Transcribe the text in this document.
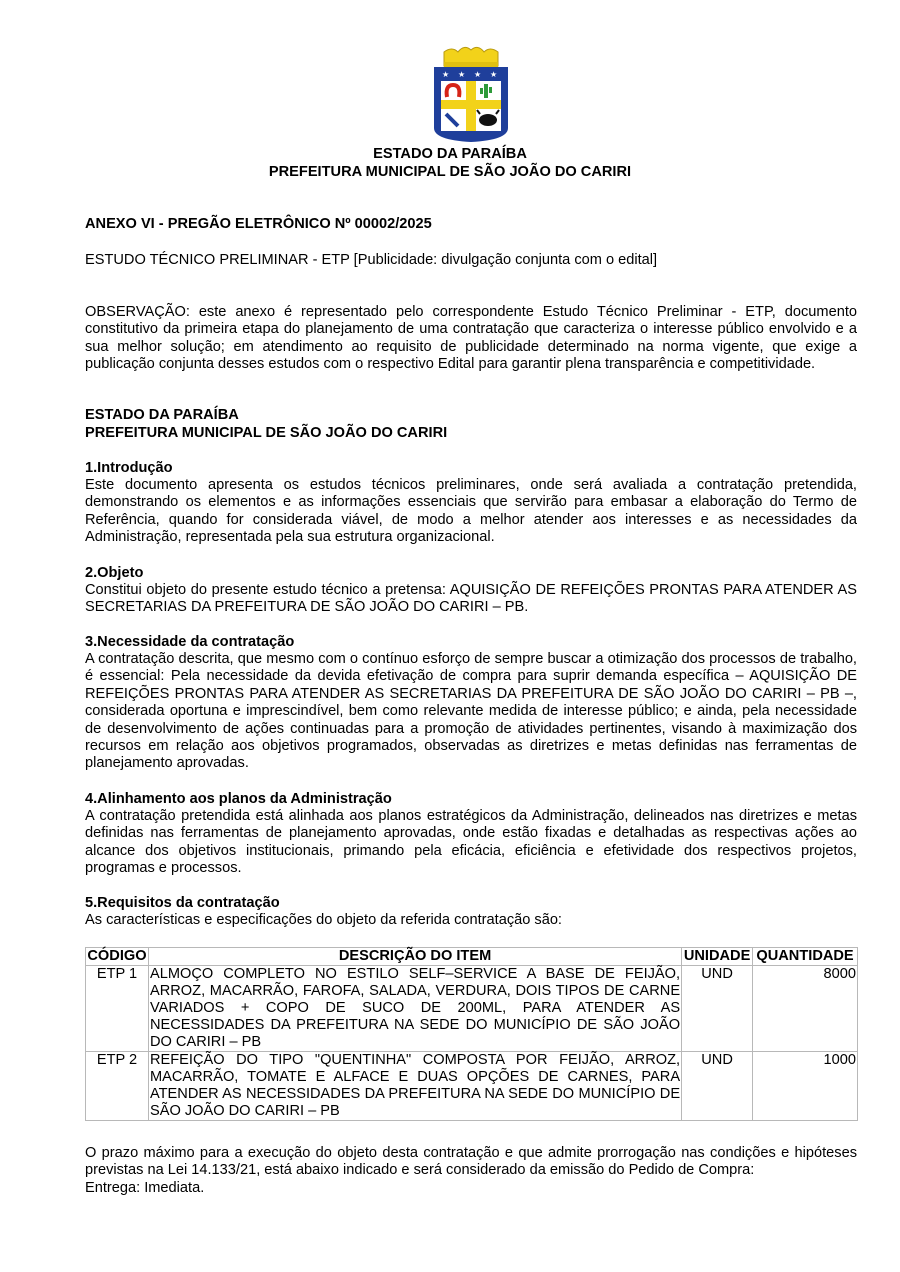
★ ★ ★ ★
ESTADO DA PARAÍBA
PREFEITURA MUNICIPAL DE SÃO JOÃO DO CARIRI
ANEXO VI - PREGÃO ELETRÔNICO Nº 00002/2025
ESTUDO TÉCNICO PRELIMINAR - ETP [Publicidade: divulgação conjunta com o edital]
OBSERVAÇÃO: este anexo é representado pelo correspondente Estudo Técnico Preliminar - ETP, documento constitutivo da primeira etapa do planejamento de uma contratação que caracteriza o interesse público envolvido e a sua melhor solução; em atendimento ao requisito de publicidade determinado na norma vigente, que exige a publicação conjunta desses estudos com o respectivo Edital para garantir plena transparência e competitividade.
ESTADO DA PARAÍBA
PREFEITURA MUNICIPAL DE SÃO JOÃO DO CARIRI
1.Introdução
Este documento apresenta os estudos técnicos preliminares, onde será avaliada a contratação pretendida, demonstrando os elementos e as informações essenciais que servirão para embasar a elaboração do Termo de Referência, quando for considerada viável, de modo a melhor atender aos interesses e as necessidades da Administração, representada pela sua estrutura organizacional.
2.Objeto
Constitui objeto do presente estudo técnico a pretensa: AQUISIÇÃO DE REFEIÇÕES PRONTAS PARA ATENDER AS SECRETARIAS DA PREFEITURA DE SÃO JOÃO DO CARIRI – PB.
3.Necessidade da contratação
A contratação descrita, que mesmo com o contínuo esforço de sempre buscar a otimização dos processos de trabalho, é essencial: Pela necessidade da devida efetivação de compra para suprir demanda específica – AQUISIÇÃO DE REFEIÇÕES PRONTAS PARA ATENDER AS SECRETARIAS DA PREFEITURA DE SÃO JOÃO DO CARIRI – PB –, considerada oportuna e imprescindível, bem como relevante medida de interesse público; e ainda, pela necessidade de desenvolvimento de ações continuadas para a promoção de atividades pertinentes, visando à maximização dos recursos em relação aos objetivos programados, observadas as diretrizes e metas definidas nas ferramentas de planejamento aprovadas.
4.Alinhamento aos planos da Administração
A contratação pretendida está alinhada aos planos estratégicos da Administração, delineados nas diretrizes e metas definidas nas ferramentas de planejamento aprovadas, onde estão fixadas e detalhadas as respectivas ações ao alcance dos objetivos institucionais, primando pela eficácia, eficiência e efetividade dos respectivos projetos, programas e processos.
5.Requisitos da contratação
As características e especificações do objeto da referida contratação são:
CÓDIGO	DESCRIÇÃO DO ITEM	UNIDADE	QUANTIDADE
ETP 1	ALMOÇO COMPLETO NO ESTILO SELF–SERVICE A BASE DE FEIJÃO, ARROZ, MACARRÃO, FAROFA, SALADA, VERDURA, DOIS TIPOS DE CARNE VARIADOS + COPO DE SUCO DE 200ML, PARA ATENDER AS NECESSIDADES DA PREFEITURA NA SEDE DO MUNICÍPIO DE SÃO JOÃO DO CARIRI – PB	UND	8000
ETP 2	REFEIÇÃO DO TIPO "QUENTINHA" COMPOSTA POR FEIJÃO, ARROZ, MACARRÃO, TOMATE E ALFACE E DUAS OPÇÕES DE CARNES, PARA ATENDER AS NECESSIDADES DA PREFEITURA NA SEDE DO MUNICÍPIO DE SÃO JOÃO DO CARIRI – PB	UND	1000
O prazo máximo para a execução do objeto desta contratação e que admite prorrogação nas condições e hipóteses previstas na Lei 14.133/21, está abaixo indicado e será considerado da emissão do Pedido de Compra:
Entrega: Imediata.
